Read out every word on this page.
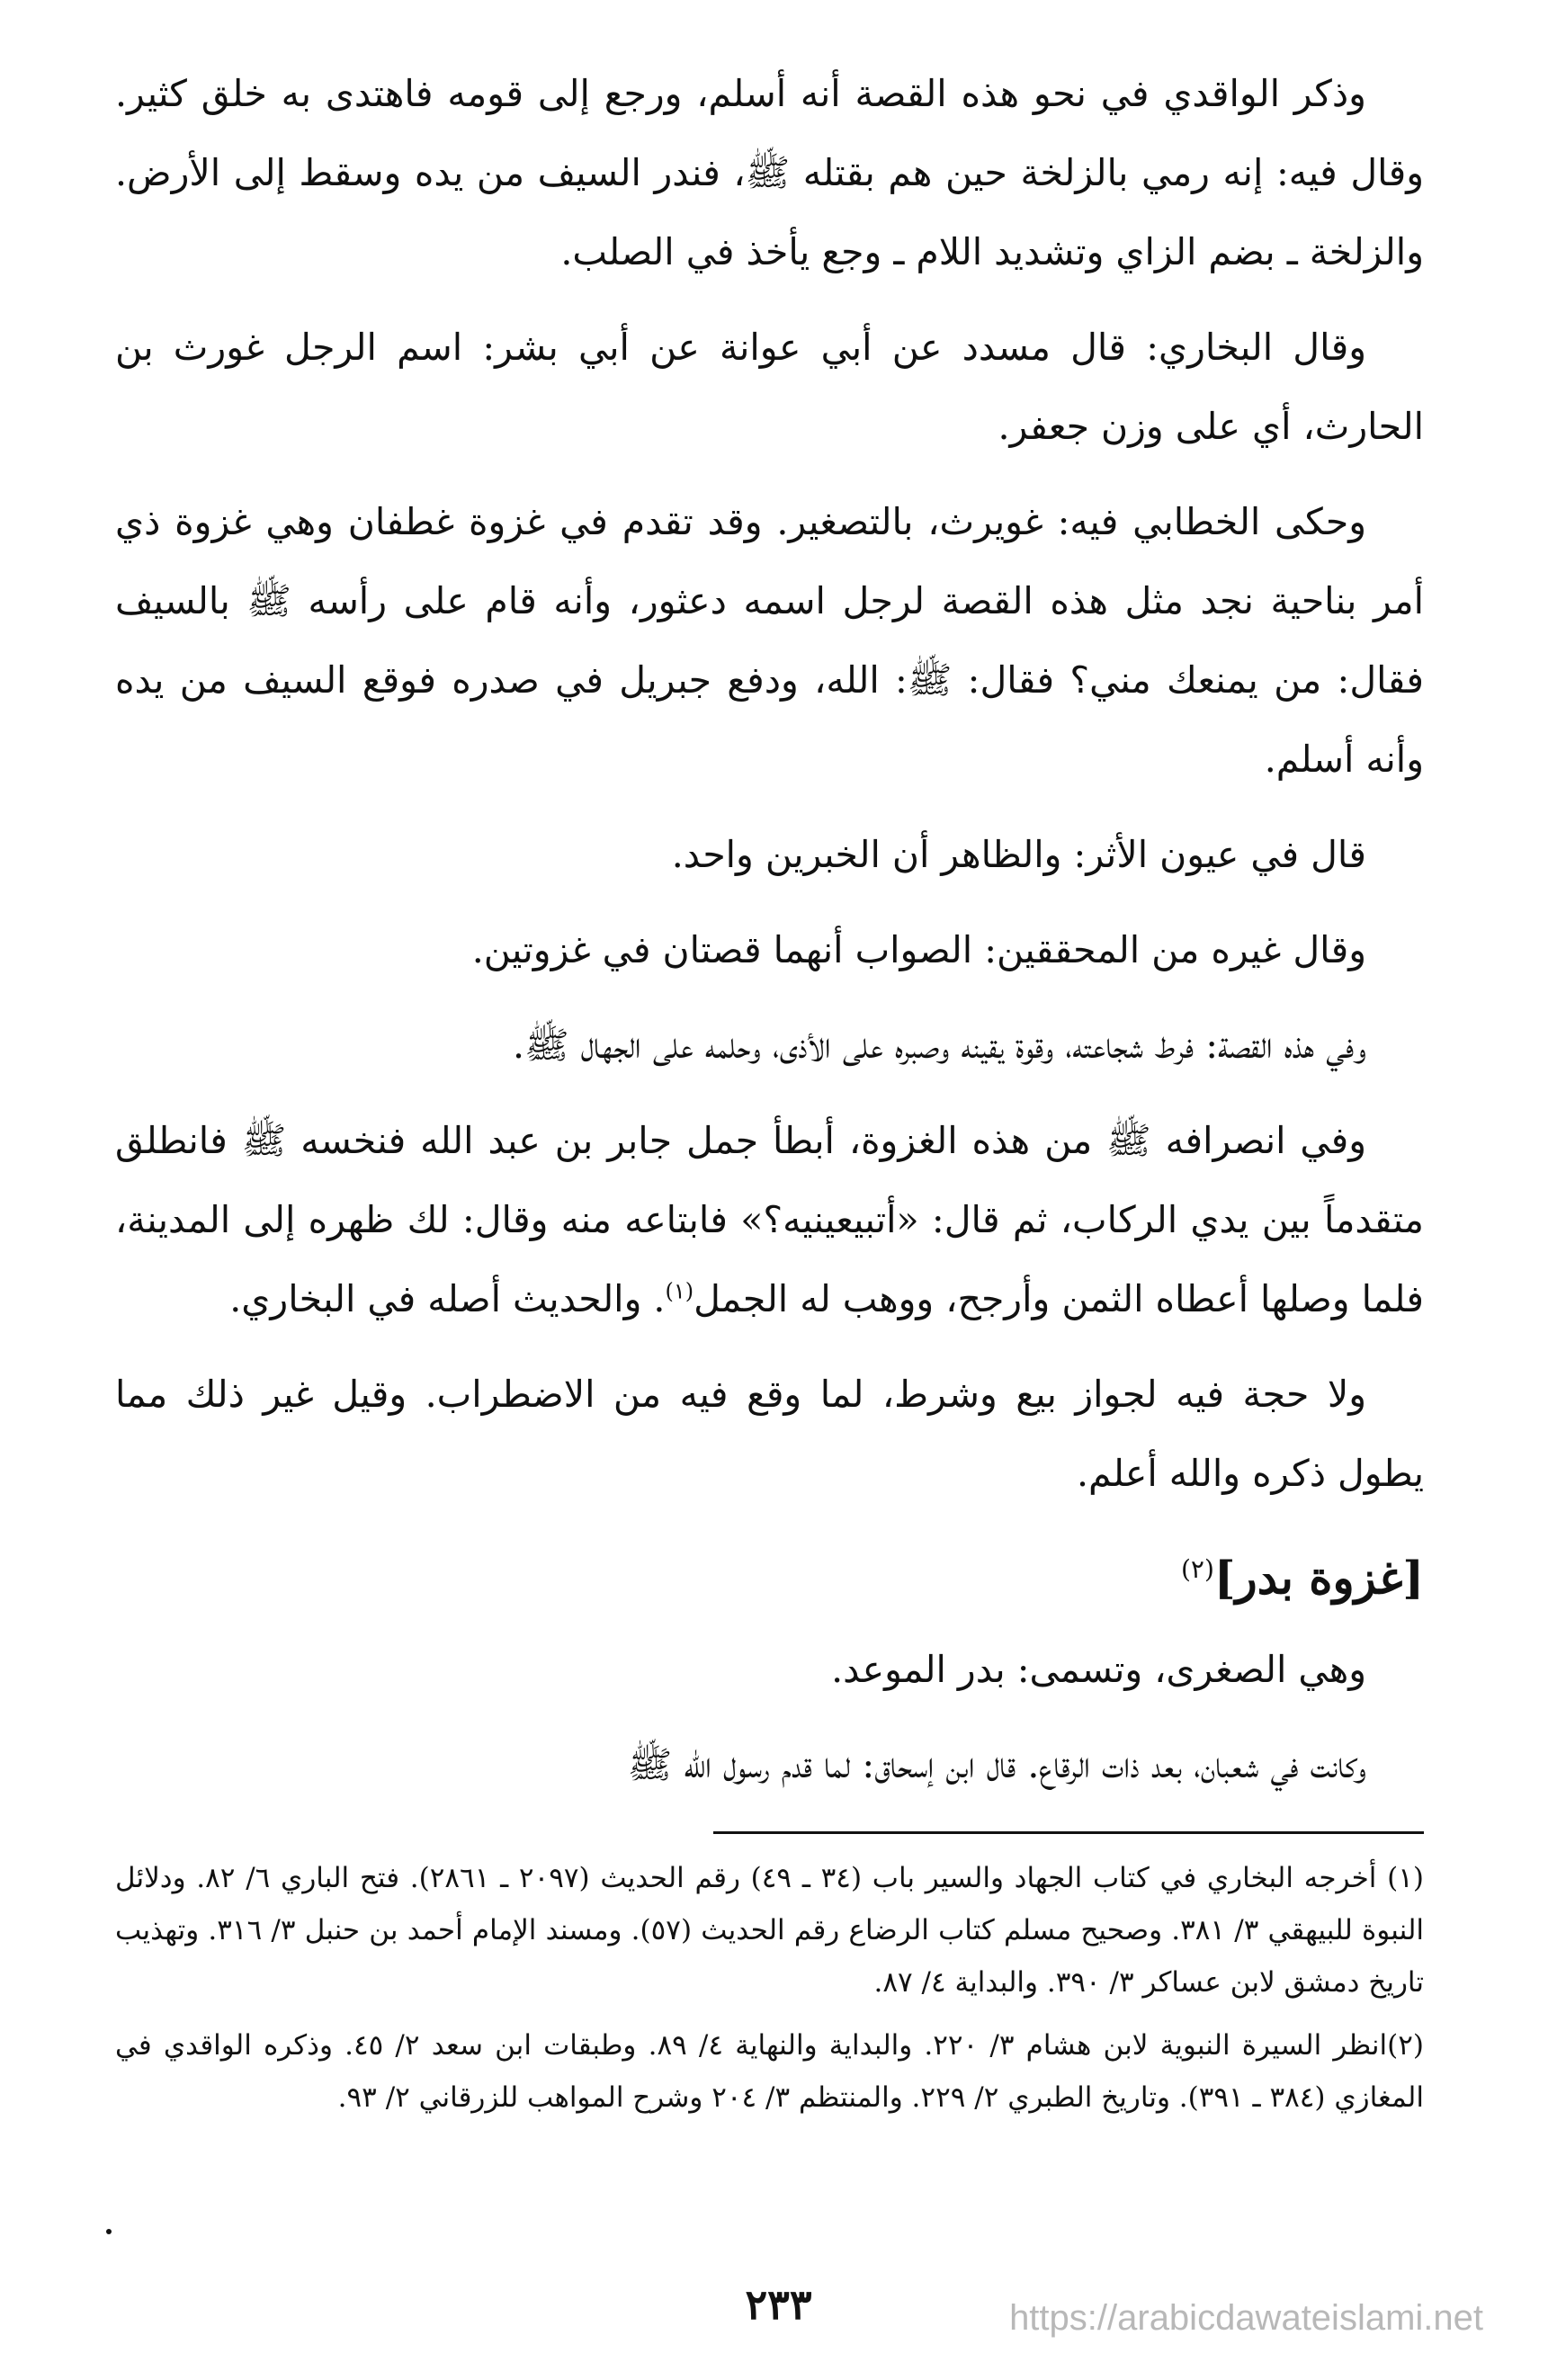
وذكر الواقدي في نحو هذه القصة أنه أسلم، ورجع إلى قومه فاهتدى به خلق كثير. وقال فيه: إنه رمي بالزلخة حين هم بقتله ﷺ، فندر السيف من يده وسقط إلى الأرض. والزلخة ـ بضم الزاي وتشديد اللام ـ وجع يأخذ في الصلب.

وقال البخاري: قال مسدد عن أبي عوانة عن أبي بشر: اسم الرجل غورث بن الحارث، أي على وزن جعفر.

وحكى الخطابي فيه: غويرث، بالتصغير. وقد تقدم في غزوة غطفان وهي غزوة ذي أمر بناحية نجد مثل هذه القصة لرجل اسمه دعثور، وأنه قام على رأسه ﷺ بالسيف فقال: من يمنعك مني؟ فقال: ﷺ: الله، ودفع جبريل في صدره فوقع السيف من يده وأنه أسلم.

قال في عيون الأثر: والظاهر أن الخبرين واحد.

وقال غيره من المحققين: الصواب أنهما قصتان في غزوتين.

وفي هذه القصة: فرط شجاعته، وقوة يقينه وصبره على الأذى، وحلمه على الجهال ﷺ.

وفي انصرافه ﷺ من هذه الغزوة، أبطأ جمل جابر بن عبد الله فنخسه ﷺ فانطلق متقدماً بين يدي الركاب، ثم قال: «أتبيعينيه؟» فابتاعه منه وقال: لك ظهره إلى المدينة، فلما وصلها أعطاه الثمن وأرجح، ووهب له الجمل$^{(١)}$. والحديث أصله في البخاري.

ولا حجة فيه لجواز بيع وشرط، لما وقع فيه من الاضطراب. وقيل غير ذلك مما يطول ذكره والله أعلم.

[غزوة بدر]$^{(٢)}$

وهي الصغرى، وتسمى: بدر الموعد.

وكانت في شعبان، بعد ذات الرقاع. قال ابن إسحاق: لما قدم رسول الله ﷺ

(١) أخرجه البخاري في كتاب الجهاد والسير باب (٣٤ ـ ٤٩) رقم الحديث (٢٠٩٧ ـ ٢٨٦١). فتح الباري ٦/ ٨٢. ودلائل النبوة للبيهقي ٣/ ٣٨١. وصحيح مسلم كتاب الرضاع رقم الحديث (٥٧). ومسند الإمام أحمد بن حنبل ٣/ ٣١٦. وتهذيب تاريخ دمشق لابن عساكر ٣/ ٣٩٠. والبداية ٤/ ٨٧.

(٢)انظر السيرة النبوية لابن هشام ٣/ ٢٢٠. والبداية والنهاية ٤/ ٨٩. وطبقات ابن سعد ٢/ ٤٥. وذكره الواقدي في المغازي (٣٨٤ ـ ٣٩١). وتاريخ الطبري ٢/ ٢٢٩. والمنتظم ٣/ ٢٠٤ وشرح المواهب للزرقاني ٢/ ٩٣.

٢٣٣	https://arabicdawateislami.net
